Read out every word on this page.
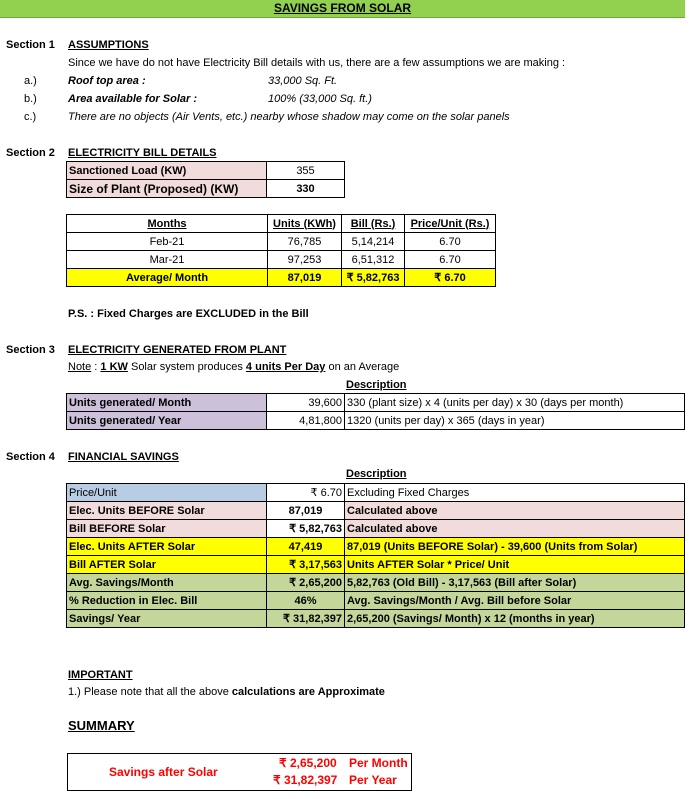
SAVINGS FROM SOLAR
Section 1 ASSUMPTIONS
Since we have do not have Electricity Bill details with us, there are a few assumptions we are making :
a.)	Roof top area :	33,000 Sq. Ft.
b.)	Area available for Solar :	100% (33,000 Sq. ft.)
c.)	There are no objects (Air Vents, etc.) nearby whose shadow may come on the solar panels
Section 2 ELECTRICITY BILL DETAILS
Sanctioned Load (KW)	355
Size of Plant (Proposed) (KW)	330
Months	Units (KWh)	Bill (Rs.)	Price/Unit (Rs.)
Feb-21	76,785	5,14,214	6.70
Mar-21	97,253	6,51,312	6.70
Average/ Month	87,019	₹ 5,82,763	₹ 6.70
P.S. : Fixed Charges are EXCLUDED in the Bill
Section 3 ELECTRICITY GENERATED FROM PLANT
Note : 1 KW Solar system produces 4 units Per Day on an Average
Description
Units generated/ Month	39,600	330 (plant size) x 4 (units per day) x 30 (days per month)
Units generated/ Year	4,81,800	1320 (units per day) x 365 (days in year)
Section 4 FINANCIAL SAVINGS
Description
Price/Unit	₹ 6.70	Excluding Fixed Charges
Elec. Units BEFORE Solar	87,019	Calculated above
Bill BEFORE Solar	₹ 5,82,763	Calculated above
Elec. Units AFTER Solar	47,419	87,019 (Units BEFORE Solar) - 39,600 (Units from Solar)
Bill AFTER Solar	₹ 3,17,563	Units AFTER Solar * Price/ Unit
Avg. Savings/Month	₹ 2,65,200	5,82,763 (Old Bill) - 3,17,563 (Bill after Solar)
% Reduction in Elec. Bill	46%	Avg. Savings/Month / Avg. Bill before Solar
Savings/ Year	₹ 31,82,397	2,65,200 (Savings/ Month) x 12 (months in year)
IMPORTANT
1.) Please note that all the above calculations are Approximate
SUMMARY
Savings after Solar
₹ 2,65,200 Per Month
₹ 31,82,397 Per Year
